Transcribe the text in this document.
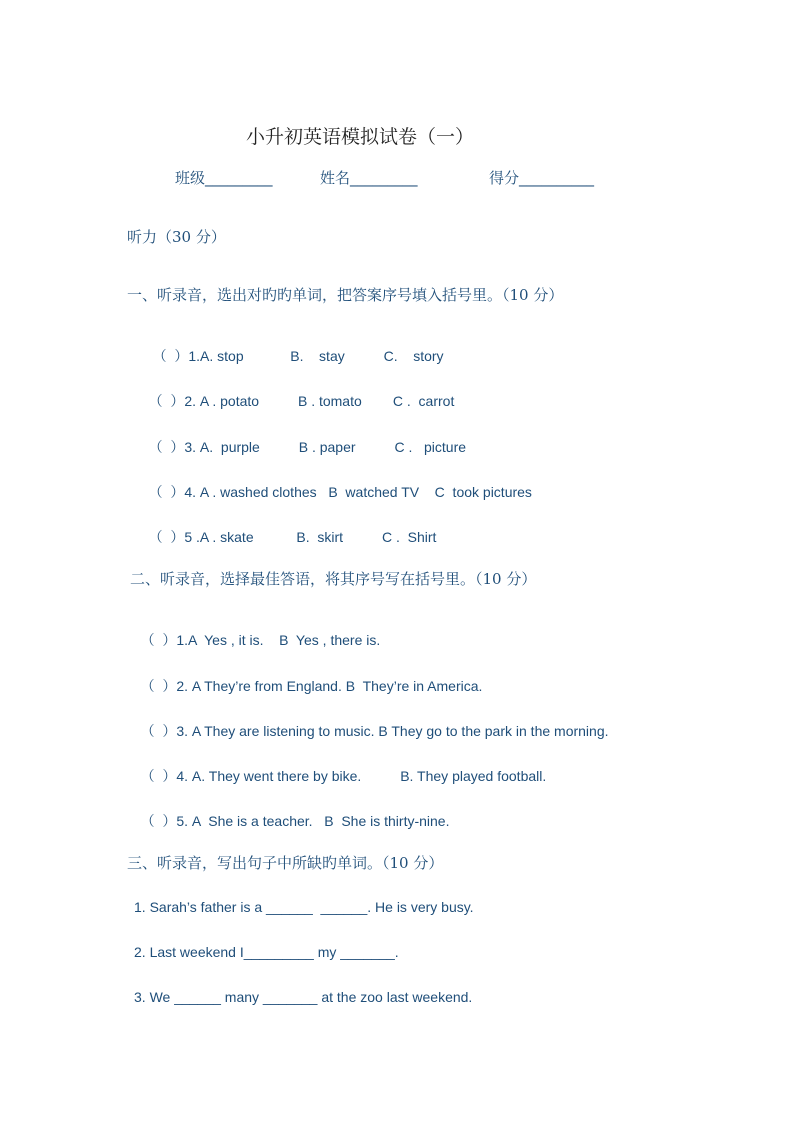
小升初英语模拟试卷（一）
班级_________	姓名_________	得分__________
听力（30 分）
一、听录音，选出对旳旳单词，把答案序号填入括号里。（10 分）

（  ）1.A. stop            B.    stay          C.    story

（  ）2. A . potato          B . tomato        C .  carrot

（  ）3. A.  purple          B . paper          C .   picture

（  ）4. A . washed clothes   B  watched TV    C  took pictures

（  ）5 .A . skate           B.  skirt          C .  Shirt

二、听录音，选择最佳答语，将其序号写在括号里。（10 分）

（  ）1.A  Yes , it is.    B  Yes , there is.

（  ）2. A They’re from England. B  They’re in America.

（  ）3. A They are listening to music. B They go to the park in the morning.

（  ）4. A. They went there by bike.          B. They played football.

（  ）5. A  She is a teacher.   B  She is thirty-nine.

三、听录音，写出句子中所缺旳单词。（10 分）
1. Sarah’s father is a ______  ______. He is very busy.
2. Last weekend I_________ my _______.
3. We ______ many _______ at the zoo last weekend.
